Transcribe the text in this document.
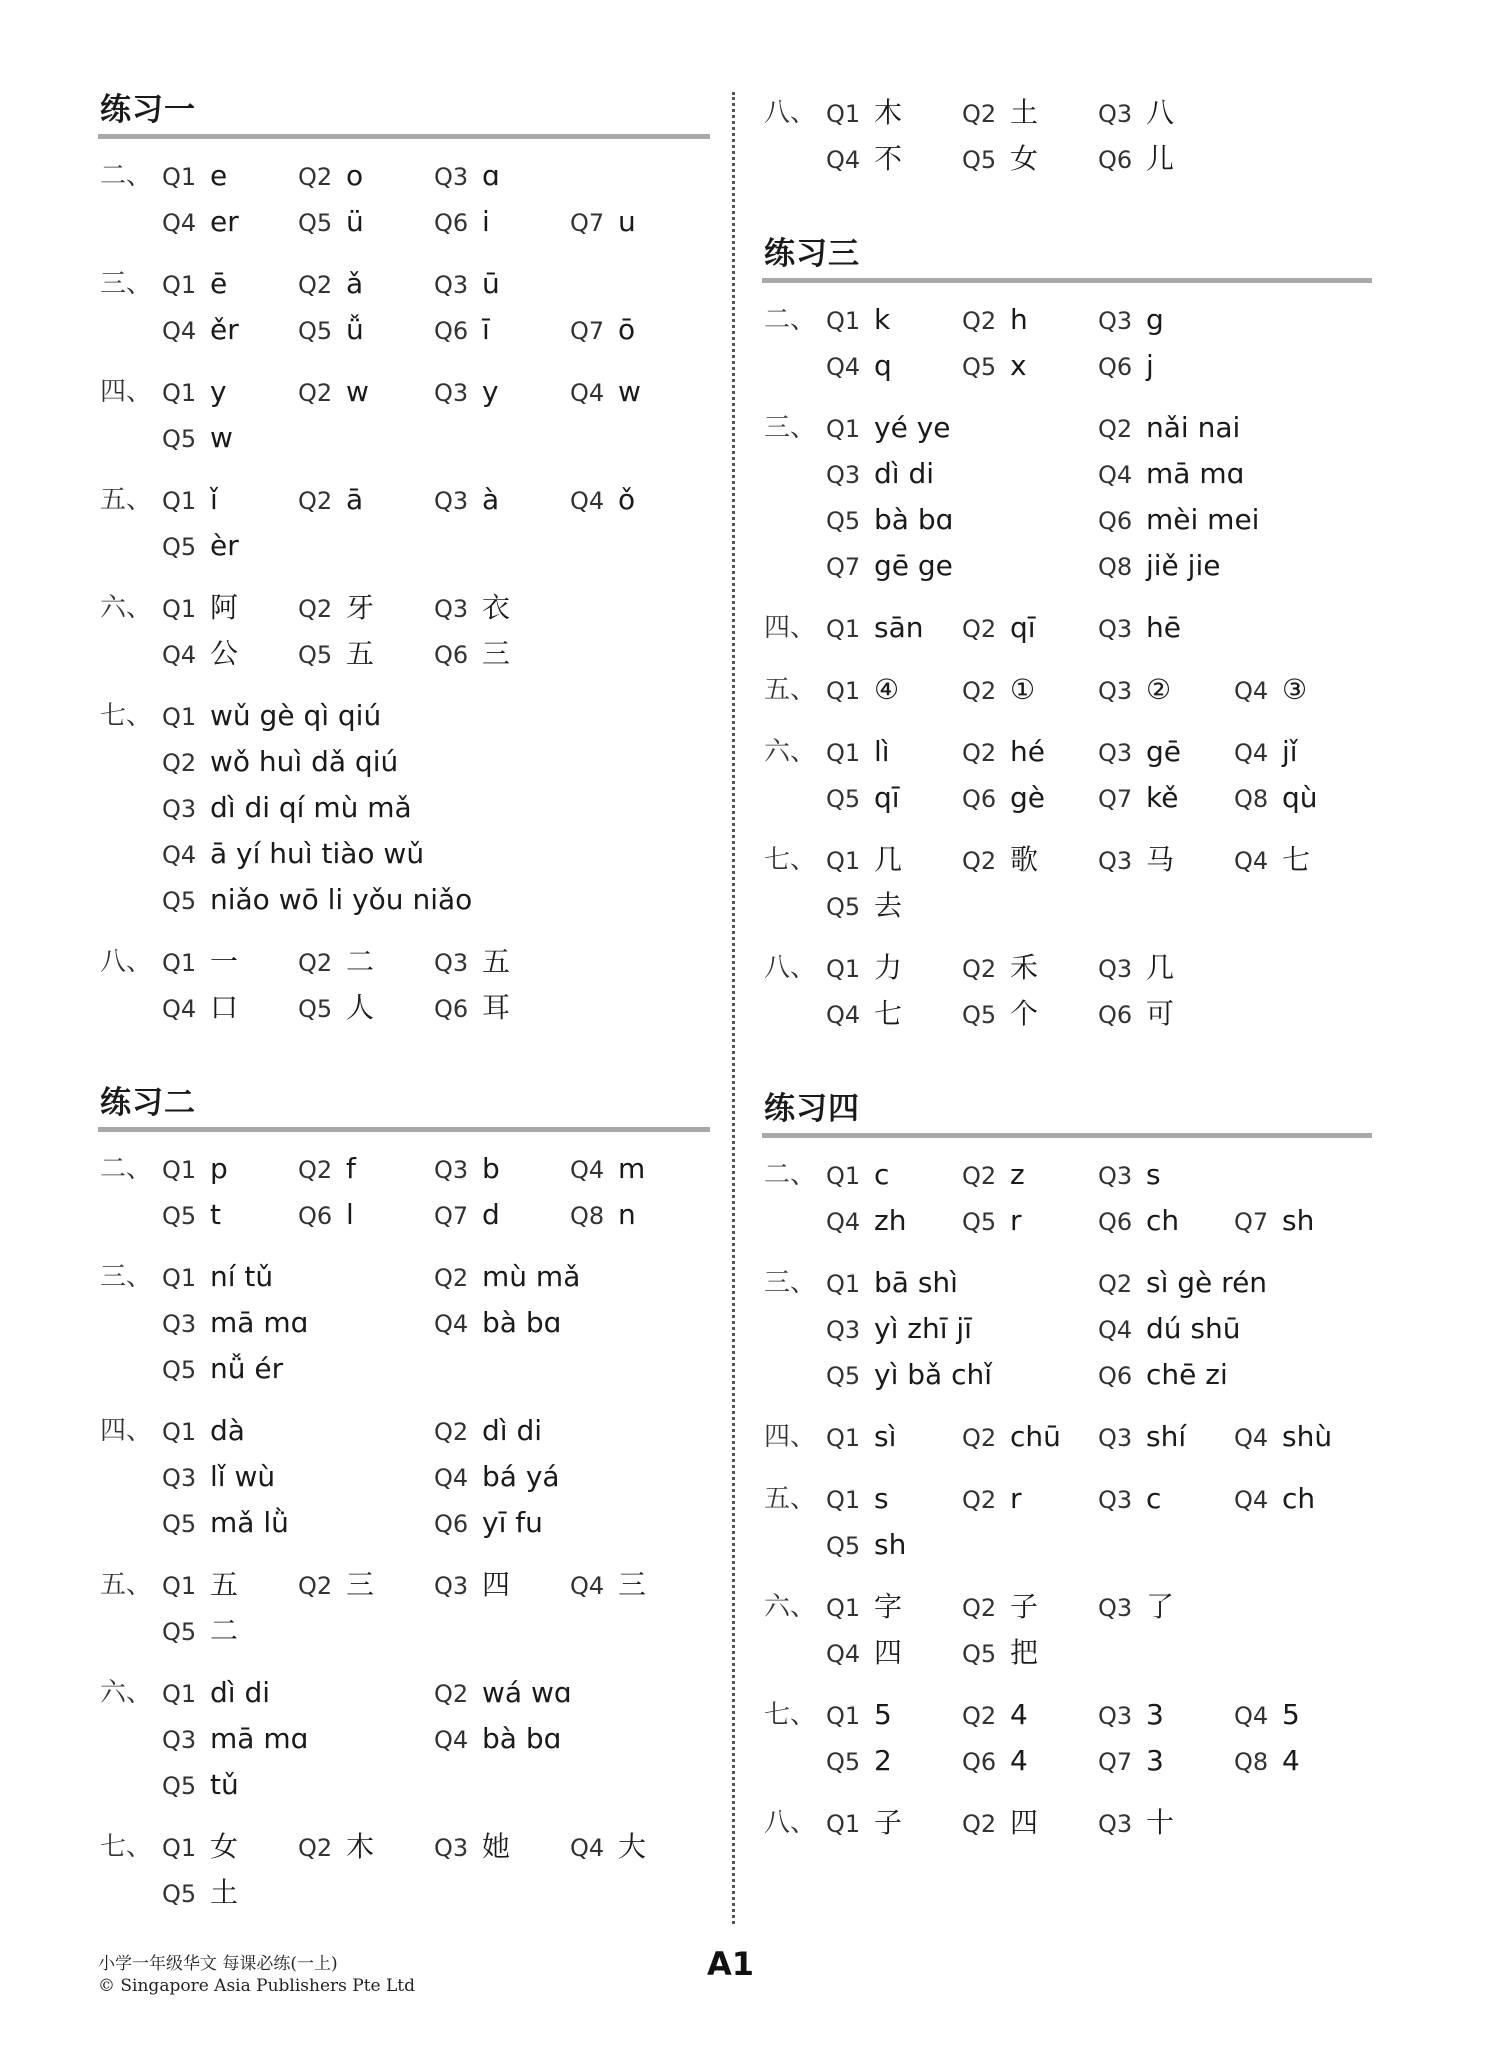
练习一
二、 Q1 e	Q2 o	Q3 ɑ
Q4 er Q5 ü	Q6 i	Q7 u
三、 Q1 ē	Q2 ǎ	Q3 ū
Q4 ěr Q5 ǚ	Q6 ī	Q7 ō
四、 Q1 y	Q2 w	Q3 y	Q4 w
Q5 w
五、 Q1 ǐ	Q2 ā	Q3 à	Q4 ǒ
Q5 èr
六、 Q1 阿 Q2 牙 Q3 衣
Q4 公 Q5 五 Q6 三
七、 Q1 wǔ gè qì qiú
Q2 wǒ huì dǎ qiú
Q3 dì di qí mù mǎ
Q4 ā yí huì tiào wǔ
Q5 niǎo wō li yǒu niǎo
八、 Q1 一 Q2 二 Q3 五
Q4 口 Q5 人 Q6 耳
练习二
二、 Q1 p	Q2 f	Q3 b	Q4 m
Q5 t	Q6 l	Q7 d	Q8 n
三、 Q1 ní tǔ	Q2 mù mǎ
Q3 mā mɑ	Q4 bà bɑ
Q5 nǚ ér
四、 Q1 dà	Q2 dì di
Q3 lǐ wù	Q4 bá yá
Q5 mǎ lǜ	Q6 yī fu
五、 Q1 五 Q2 三 Q3 四 Q4 三
Q5 二
六、 Q1 dì di	Q2 wá wɑ
Q3 mā mɑ	Q4 bà bɑ
Q5 tǔ
七、 Q1 女 Q2 木 Q3 她 Q4 大
Q5 土
八、 Q1 木 Q2 土 Q3 八
Q4 不 Q5 女 Q6 儿
练习三
二、 Q1 k	Q2 h	Q3 g
Q4 q	Q5 x	Q6 j
三、 Q1 yé ye	Q2 nǎi nai
Q3 dì di	Q4 mā mɑ
Q5 bà bɑ	Q6 mèi mei
Q7 gē ge	Q8 jiě jie
四、 Q1 sān Q2 qī	Q3 hē
五、 Q1 ④	Q2 ①	Q3 ②	Q4 ③
六、 Q1 lì	Q2 hé Q3 gē Q4 jǐ
Q5 qī	Q6 gè Q7 kě Q8 qù
七、 Q1 几 Q2 歌 Q3 马 Q4 七
Q5 去
八、 Q1 力 Q2 禾 Q3 几
Q4 七 Q5 个 Q6 可
练习四
二、 Q1 c	Q2 z	Q3 s
Q4 zh Q5 r	Q6 ch Q7 sh
三、 Q1 bā shì	Q2 sì gè rén
Q3 yì zhī jī	Q4 dú shū
Q5 yì bǎ chǐ	Q6 chē zi
四、 Q1 sì	Q2 chū Q3 shí Q4 shù
五、 Q1 s	Q2 r	Q3 c	Q4 ch
Q5 sh
六、 Q1 字 Q2 子 Q3 了
Q4 四 Q5 把
七、 Q1 5	Q2 4	Q3 3	Q4 5
Q5 2	Q6 4	Q7 3	Q8 4
八、 Q1 子 Q2 四 Q3 十
小学一年级华文 每课必练(一上)
© Singapore Asia Publishers Pte Ltd
A1
